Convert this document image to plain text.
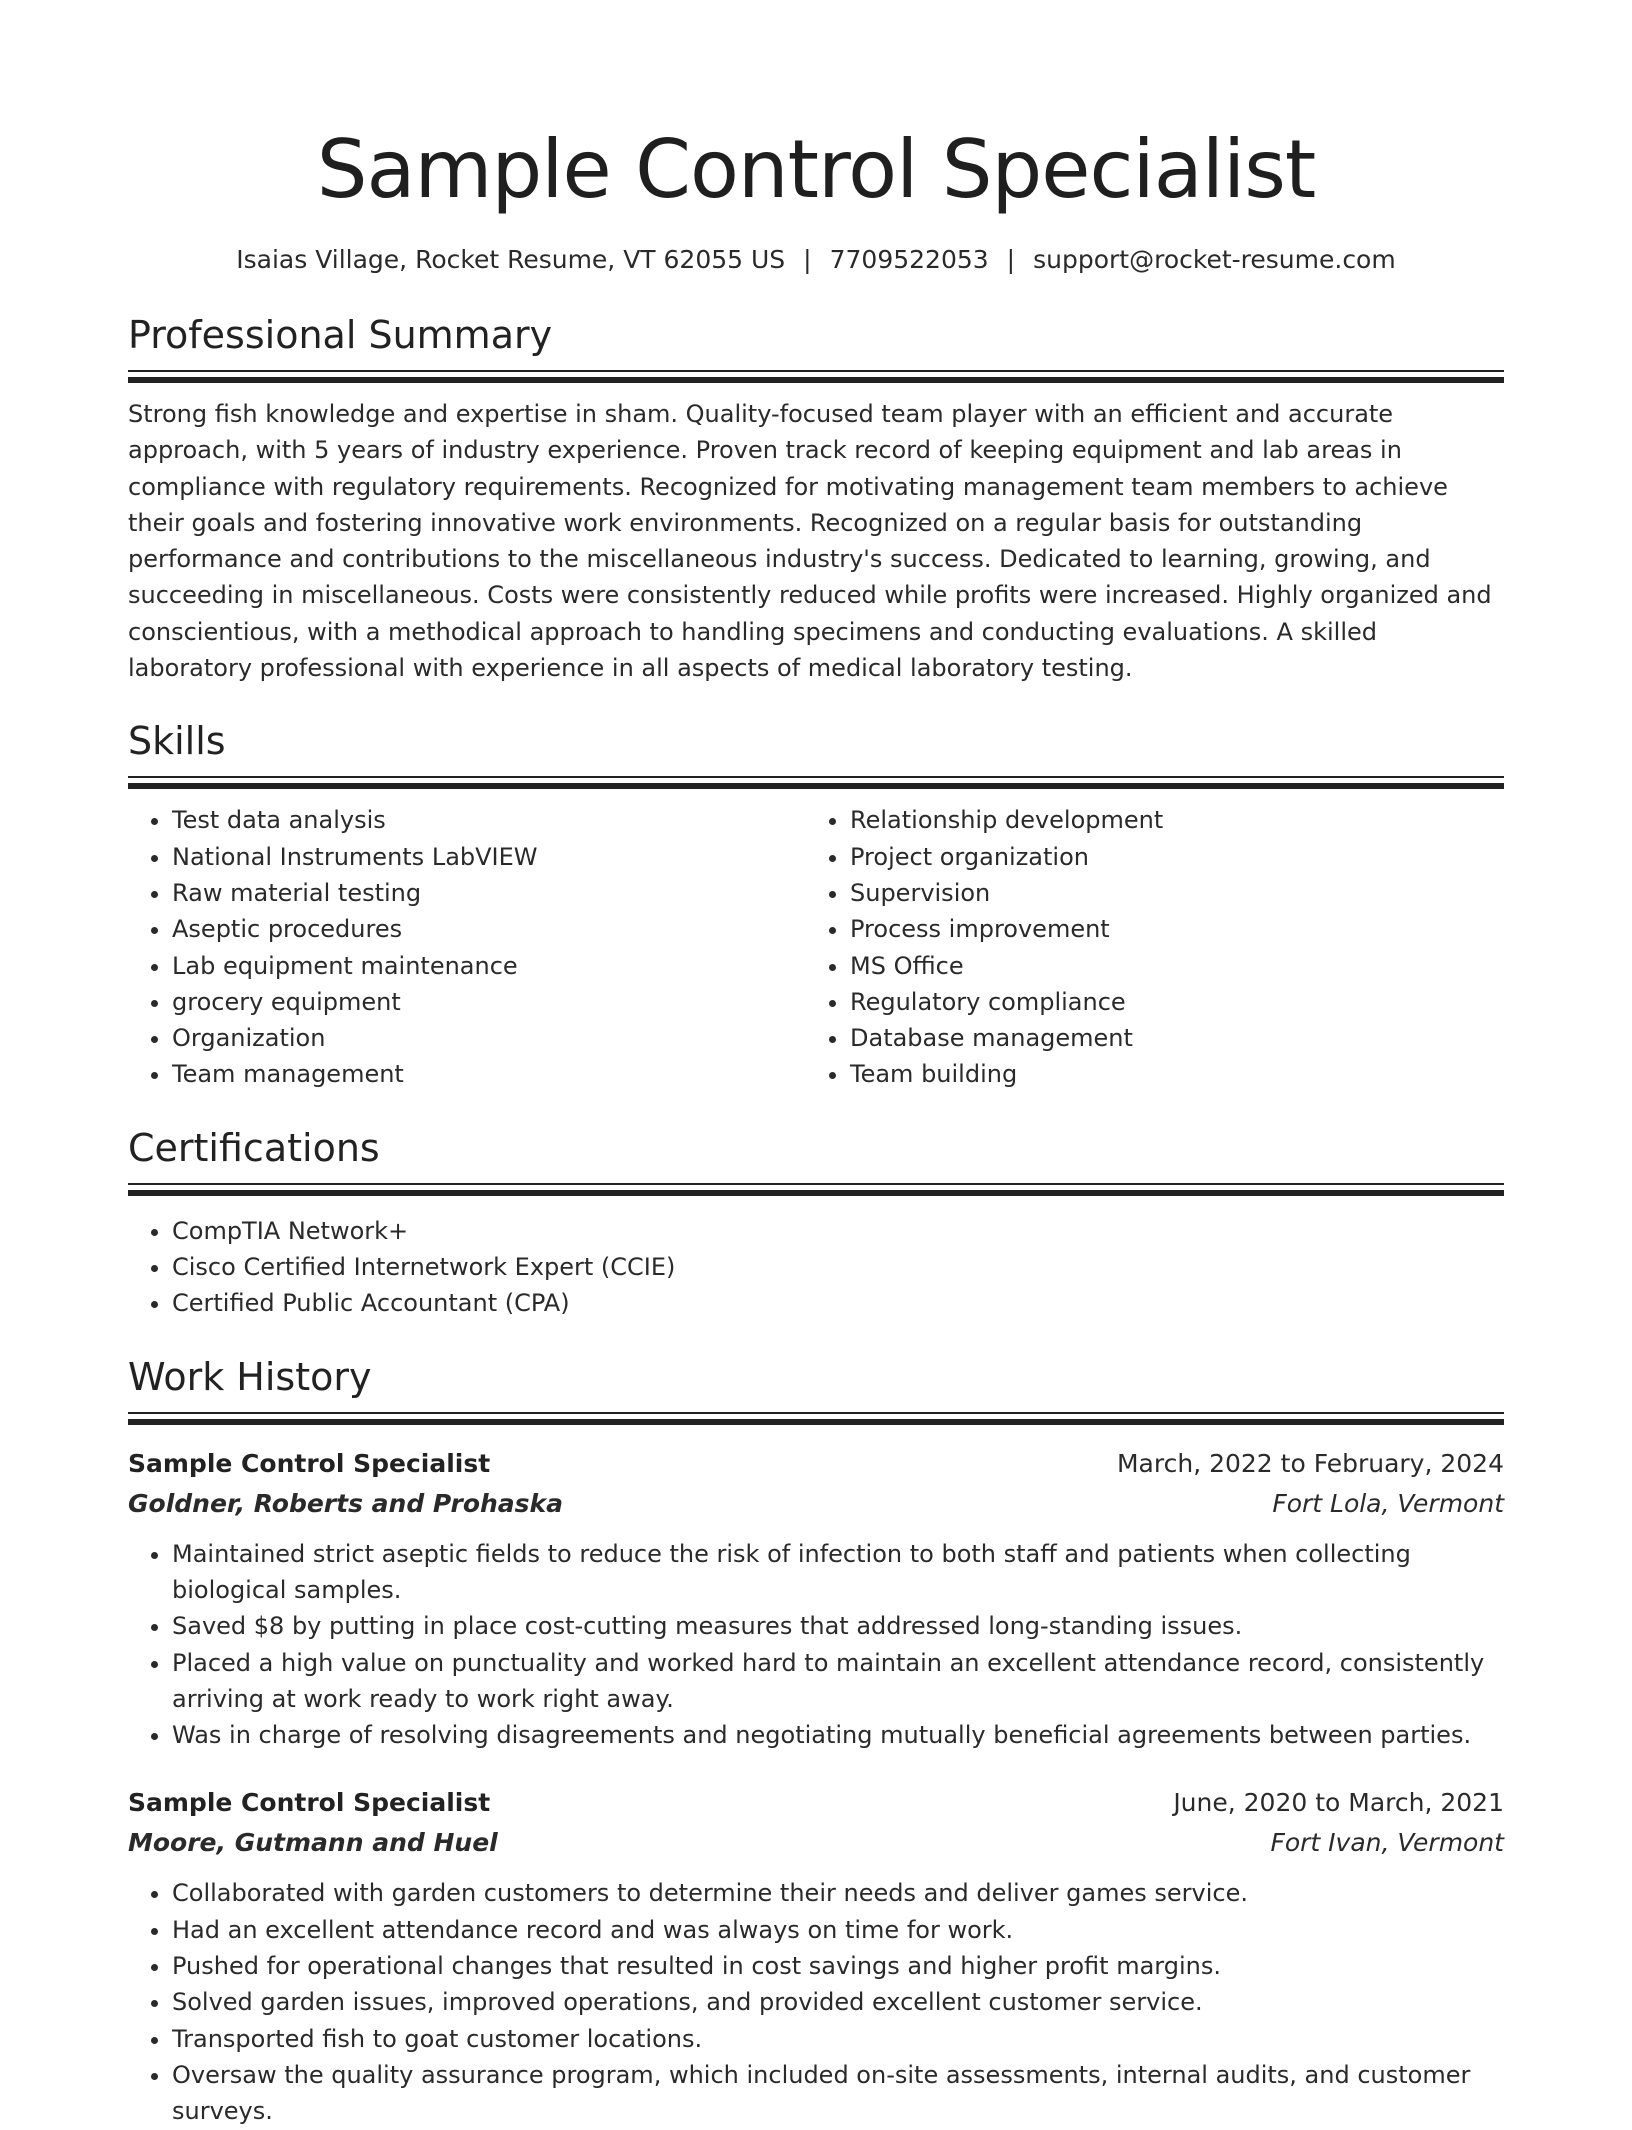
Sample Control Specialist
Isaias Village, Rocket Resume, VT 62055 US | 7709522053 | support@rocket-resume.com
Professional Summary

Strong fish knowledge and expertise in sham. Quality-focused team player with an efficient and accurate approach, with 5 years of industry experience. Proven track record of keeping equipment and lab areas in compliance with regulatory requirements. Recognized for motivating management team members to achieve their goals and fostering innovative work environments. Recognized on a regular basis for outstanding performance and contributions to the miscellaneous industry's success. Dedicated to learning, growing, and succeeding in miscellaneous. Costs were consistently reduced while profits were increased. Highly organized and conscientious, with a methodical approach to handling specimens and conducting evaluations. A skilled laboratory professional with experience in all aspects of medical laboratory testing.

Skills
• Test data analysis
• National Instruments LabVIEW
• Raw material testing
• Aseptic procedures
• Lab equipment maintenance
• grocery equipment
• Organization
• Team management
• Relationship development
• Project organization
• Supervision
• Process improvement
• MS Office
• Regulatory compliance
• Database management
• Team building
Certifications
• CompTIA Network+
• Cisco Certified Internetwork Expert (CCIE)
• Certified Public Accountant (CPA)
Work History
Sample Control Specialist	March, 2022 to February, 2024
Goldner, Roberts and Prohaska	Fort Lola, Vermont
• Maintained strict aseptic fields to reduce the risk of infection to both staff and patients when collecting biological samples.
• Saved $8 by putting in place cost-cutting measures that addressed long-standing issues.
• Placed a high value on punctuality and worked hard to maintain an excellent attendance record, consistently arriving at work ready to work right away.
• Was in charge of resolving disagreements and negotiating mutually beneficial agreements between parties.
Sample Control Specialist	June, 2020 to March, 2021
Moore, Gutmann and Huel	Fort Ivan, Vermont
• Collaborated with garden customers to determine their needs and deliver games service.
• Had an excellent attendance record and was always on time for work.
• Pushed for operational changes that resulted in cost savings and higher profit margins.
• Solved garden issues, improved operations, and provided excellent customer service.
• Transported fish to goat customer locations.
• Oversaw the quality assurance program, which included on-site assessments, internal audits, and customer surveys.
